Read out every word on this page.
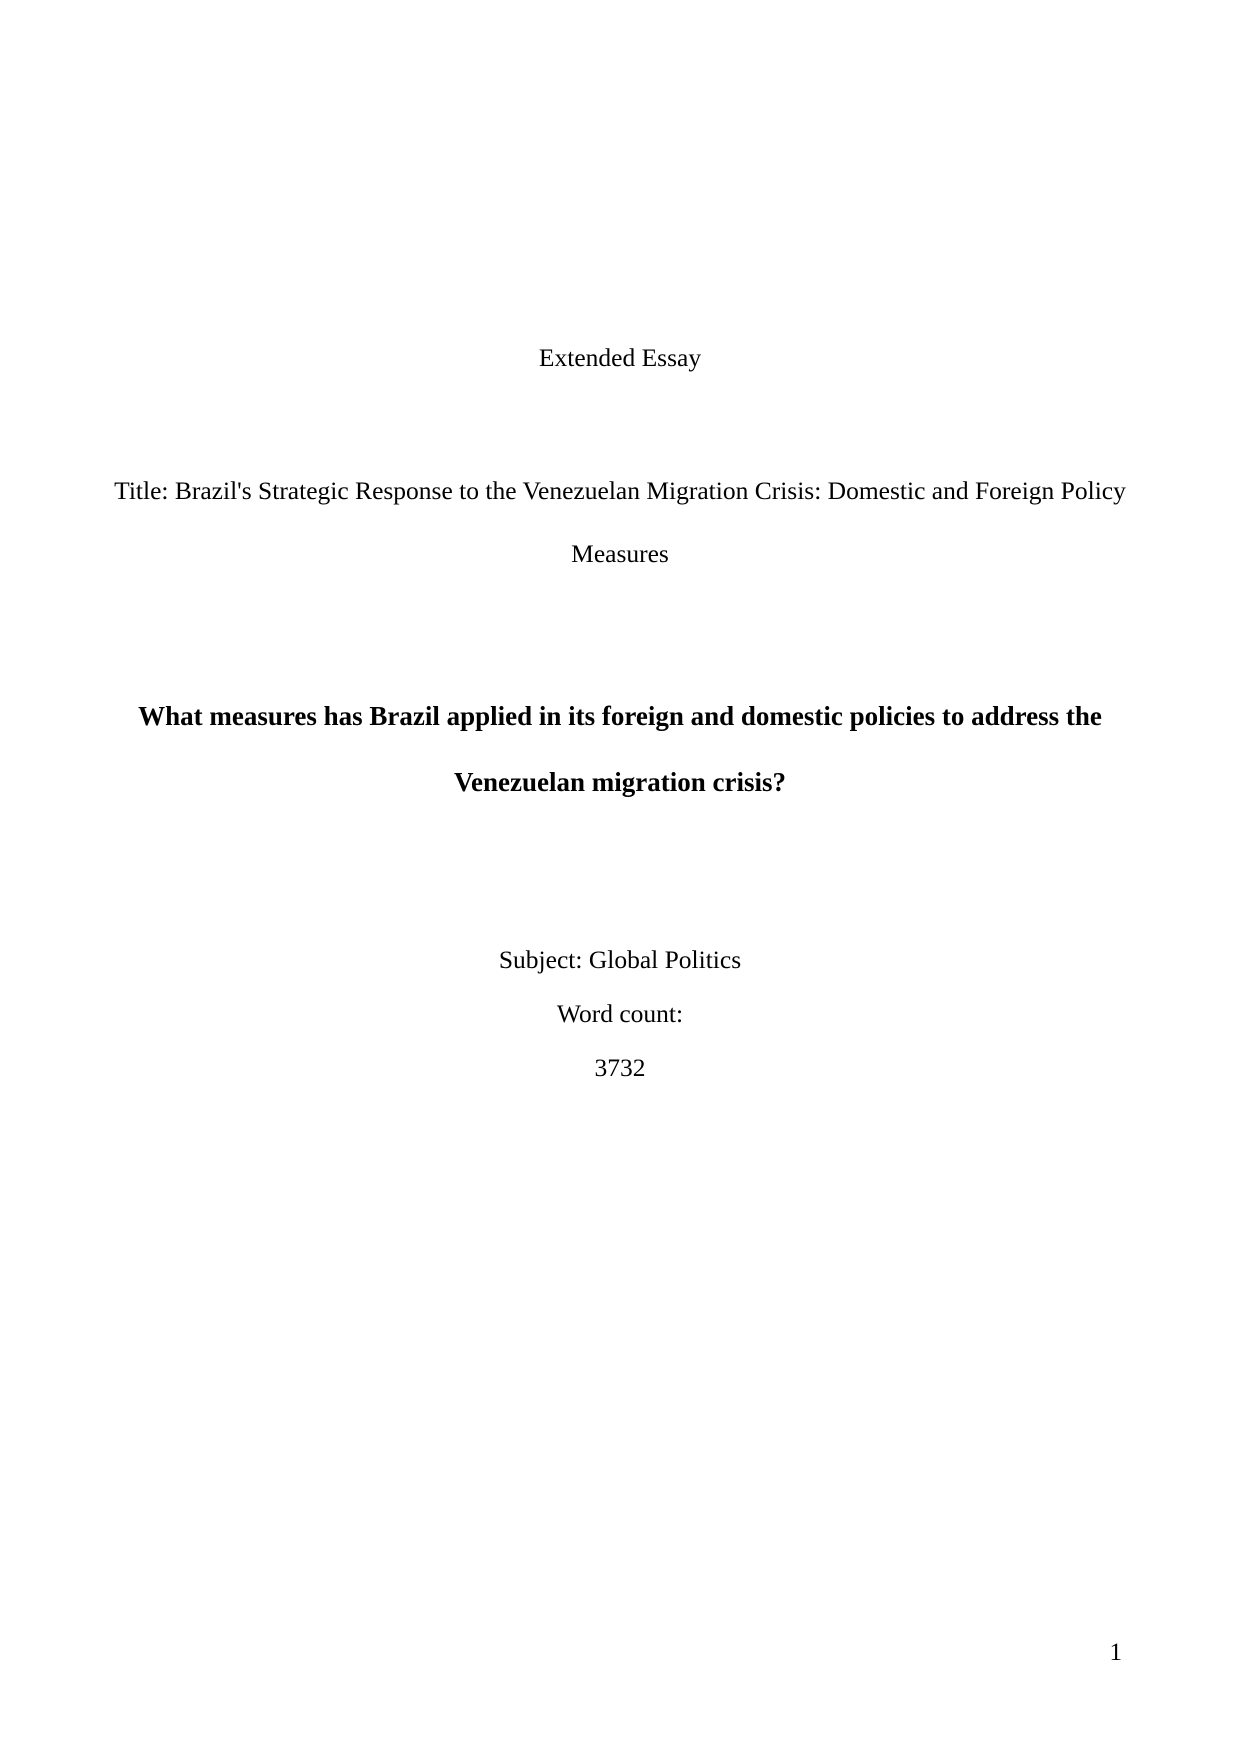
Extended Essay
Title: Brazil's Strategic Response to the Venezuelan Migration Crisis: Domestic and Foreign Policy Measures
What measures has Brazil applied in its foreign and domestic policies to address the Venezuelan migration crisis?
Subject: Global Politics
Word count:
3732
1
